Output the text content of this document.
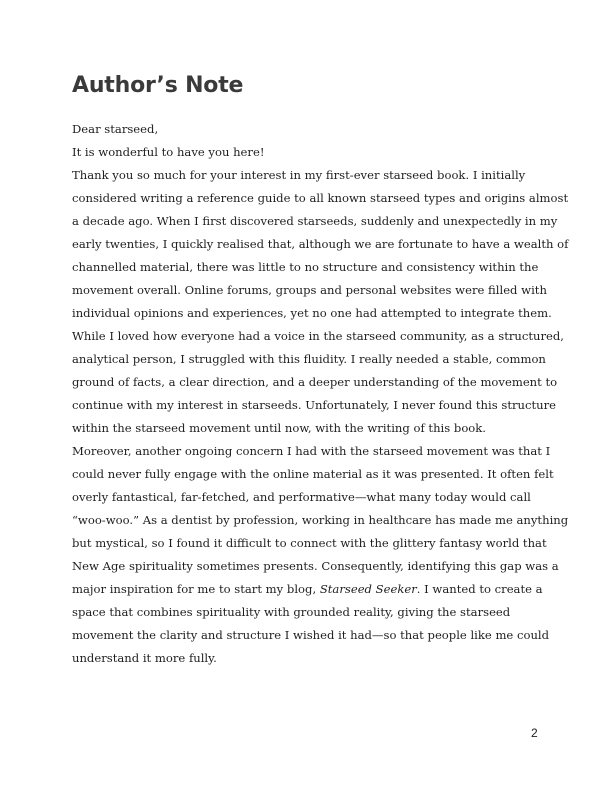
Author’s Note
Dear starseed,
It is wonderful to have you here!
Thank you so much for your interest in my first-ever starseed book. I initially
considered writing a reference guide to all known starseed types and origins almost
a decade ago. When I first discovered starseeds, suddenly and unexpectedly in my
early twenties, I quickly realised that, although we are fortunate to have a wealth of
channelled material, there was little to no structure and consistency within the
movement overall. Online forums, groups and personal websites were filled with
individual opinions and experiences, yet no one had attempted to integrate them.
While I loved how everyone had a voice in the starseed community, as a structured,
analytical person, I struggled with this fluidity. I really needed a stable, common
ground of facts, a clear direction, and a deeper understanding of the movement to
continue with my interest in starseeds. Unfortunately, I never found this structure
within the starseed movement until now, with the writing of this book.
Moreover, another ongoing concern I had with the starseed movement was that I
could never fully engage with the online material as it was presented. It often felt
overly fantastical, far-fetched, and performative—what many today would call
“woo-woo.” As a dentist by profession, working in healthcare has made me anything
but mystical, so I found it difficult to connect with the glittery fantasy world that
New Age spirituality sometimes presents. Consequently, identifying this gap was a
major inspiration for me to start my blog, Starseed Seeker. I wanted to create a
space that combines spirituality with grounded reality, giving the starseed
movement the clarity and structure I wished it had—so that people like me could
understand it more fully.
2
